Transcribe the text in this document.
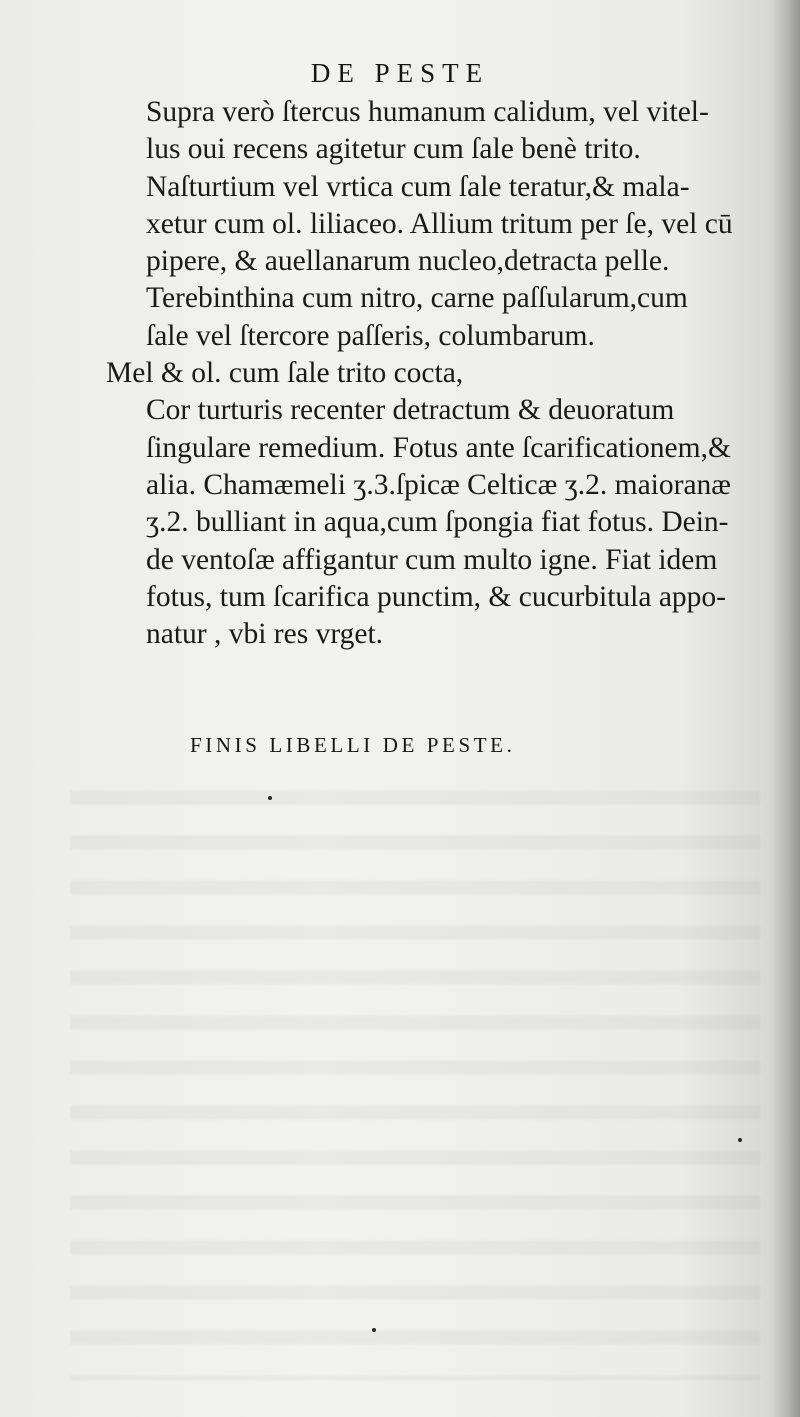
DE PESTE

Supra verò ſtercus humanum calidum, vel vitel-
lus oui recens agitetur cum ſale benè trito.

Naſturtium vel vrtica cum ſale teratur,& mala-
xetur cum ol. liliaceo. Allium tritum per ſe, vel cū
pipere, & auellanarum nucleo,detracta pelle.

Terebinthina cum nitro, carne paſſularum,cum
ſale vel ſtercore paſſeris, columbarum.

Mel & ol. cum ſale trito cocta,

Cor turturis recenter detractum & deuoratum
ſingulare remedium. Fotus ante ſcarificationem,&
alia. Chamæmeli ʒ.3.ſpicæ Celticæ ʒ.2. maioranæ
ʒ.2. bulliant in aqua,cum ſpongia fiat fotus. Dein-
de ventoſæ affigantur cum multo igne. Fiat idem
fotus, tum ſcarifica punctim, & cucurbitula appo-
natur , vbi res vrget.

FINIS LIBELLI DE PESTE.
